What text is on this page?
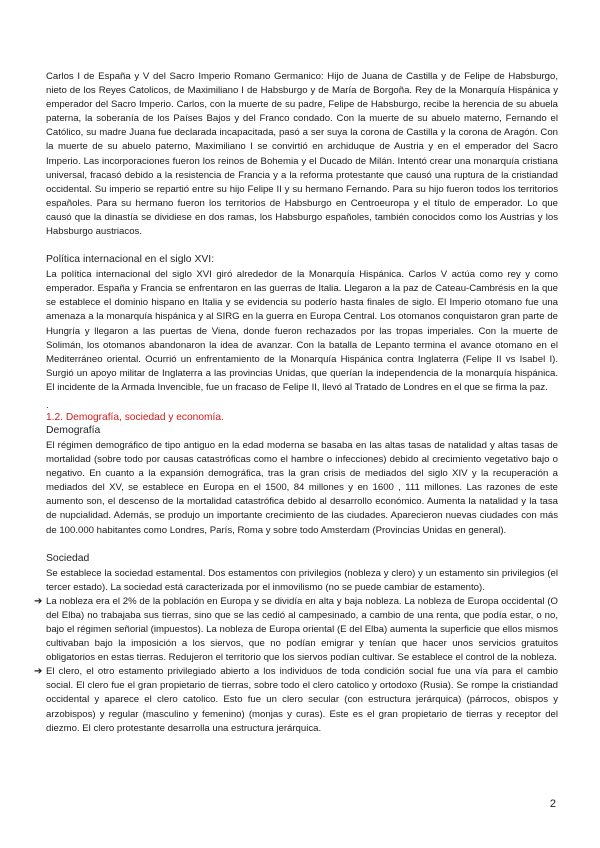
Carlos I de España y V del Sacro Imperio Romano Germanico: Hijo de Juana de Castilla y de Felipe de Habsburgo, nieto de los Reyes Catolicos, de Maximiliano I de Habsburgo y de María de Borgoña. Rey de la Monarquía Hispánica y emperador del Sacro Imperio. Carlos, con la muerte de su padre, Felipe de Habsburgo, recibe la herencia de su abuela paterna, la soberanía de los Países Bajos y del Franco condado. Con la muerte de su abuelo materno, Fernando el Católico, su madre Juana fue declarada incapacitada, pasó a ser suya la corona de Castilla y la corona de Aragón. Con la muerte de su abuelo paterno, Maximiliano I se convirtió en archiduque de Austria y en el emperador del Sacro Imperio. Las incorporaciones fueron los reinos de Bohemia y el Ducado de Milán. Intentó crear una monarquía cristiana universal, fracasó debido a la resistencia de Francia y a la reforma protestante que causó una ruptura de la cristiandad occidental. Su imperio se repartió entre su hijo Felipe II y su hermano Fernando. Para su hijo fueron todos los territorios españoles. Para su hermano fueron los territorios de Habsburgo en Centroeuropa y el título de emperador. Lo que causó que la dinastía se dividiese en dos ramas, los Habsburgo españoles, también conocidos como los Austrias y los Habsburgo austriacos.

Política internacional en el siglo XVI:

La política internacional del siglo XVI giró alrededor de la Monarquía Hispánica. Carlos V actúa como rey y como emperador. España y Francia se enfrentaron en las guerras de Italia. Llegaron a la paz de Cateau-Cambrésis en la que se establece el dominio hispano en Italia y se evidencia su poderío hasta finales de siglo. El Imperio otomano fue una amenaza a la monarquía hispánica y al SIRG en la guerra en Europa Central. Los otomanos conquistaron gran parte de Hungría y llegaron a las puertas de Viena, donde fueron rechazados por las tropas imperiales. Con la muerte de Solimán, los otomanos abandonaron la idea de avanzar. Con la batalla de Lepanto termina el avance otomano en el Mediterráneo oriental. Ocurrió un enfrentamiento de la Monarquía Hispánica contra Inglaterra (Felipe II vs Isabel I). Surgió un apoyo militar de Inglaterra a las provincias Unidas, que querían la independencia de la monarquía hispánica. El incidente de la Armada Invencible, fue un fracaso de Felipe II, llevó al Tratado de Londres en el que se firma la paz.

.
1.2. Demografía, sociedad y economía.
Demografía

El régimen demográfico de tipo antiguo en la edad moderna se basaba en las altas tasas de natalidad y altas tasas de mortalidad (sobre todo por causas catastróficas como el hambre o infecciones) debido al crecimiento vegetativo bajo o negativo. En cuanto a la expansión demográfica, tras la gran crisis de mediados del siglo XIV y la recuperación a mediados del XV, se establece en Europa en el 1500, 84 millones y en 1600 , 111 millones. Las razones de este aumento son, el descenso de la mortalidad catastrófica debido al desarrollo económico. Aumenta la natalidad y la tasa de nupcialidad. Además, se produjo un importante crecimiento de las ciudades. Aparecieron nuevas ciudades con más de 100.000 habitantes como Londres, París, Roma y sobre todo Amsterdam (Provincias Unidas en general).

Sociedad

Se establece la sociedad estamental. Dos estamentos con privilegios (nobleza y clero) y un estamento sin privilegios (el tercer estado). La sociedad está caracterizada por el inmovilismo (no se puede cambiar de estamento).

➔ La nobleza era el 2% de la población en Europa y se dividía en alta y baja nobleza. La nobleza de Europa occidental (O del Elba) no trabajaba sus tierras, sino que se las cedió al campesinado, a cambio de una renta, que podía estar, o no, bajo el régimen señorial (impuestos). La nobleza de Europa oriental (E del Elba) aumenta la superficie que ellos mismos cultivaban bajo la imposición a los siervos, que no podían emigrar y tenían que hacer unos servicios gratuitos obligatorios en estas tierras. Redujeron el territorio que los siervos podían cultivar. Se establece el control de la nobleza.

➔ El clero, el otro estamento privilegiado abierto a los individuos de toda condición social fue una vía para el cambio social. El clero fue el gran propietario de tierras, sobre todo el clero catolico y ortodoxo (Rusia). Se rompe la cristiandad occidental y aparece el clero catolico. Esto fue un clero secular (con estructura jerárquica) (párrocos, obispos y arzobispos) y regular (masculino y femenino) (monjas y curas). Este es el gran propietario de tierras y receptor del diezmo. El clero protestante desarrolla una estructura jerárquica.

2
